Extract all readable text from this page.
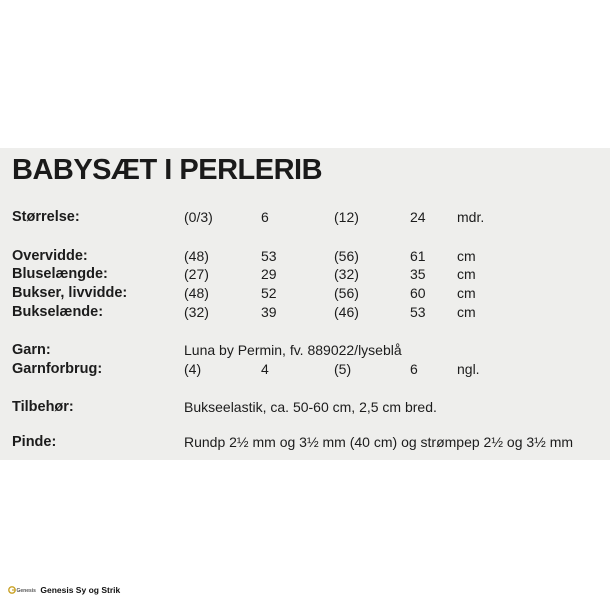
BABYSÆT I PERLERIB
Størrelse:	(0/3)	6	(12)	24 mdr.
Overvidde:	(48)	53	(56)	61 cm
Bluselængde:	(27)	29	(32)	35 cm
Bukser, livvidde:	(48)	52	(56)	60 cm
Bukselænde:	(32)	39	(46)	53 cm
Garn:	Luna by Permin, fv. 889022/lyseblå
Garnforbrug:	(4)	4	(5)	6	ngl.
Tilbehør:	Bukseelastik, ca. 50-60 cm, 2,5 cm bred.
Pinde:	Rundp 2½ mm og 3½ mm (40 cm) og strømpep 2½ og 3½ mm
Genesis Genesis Sy og Strik
